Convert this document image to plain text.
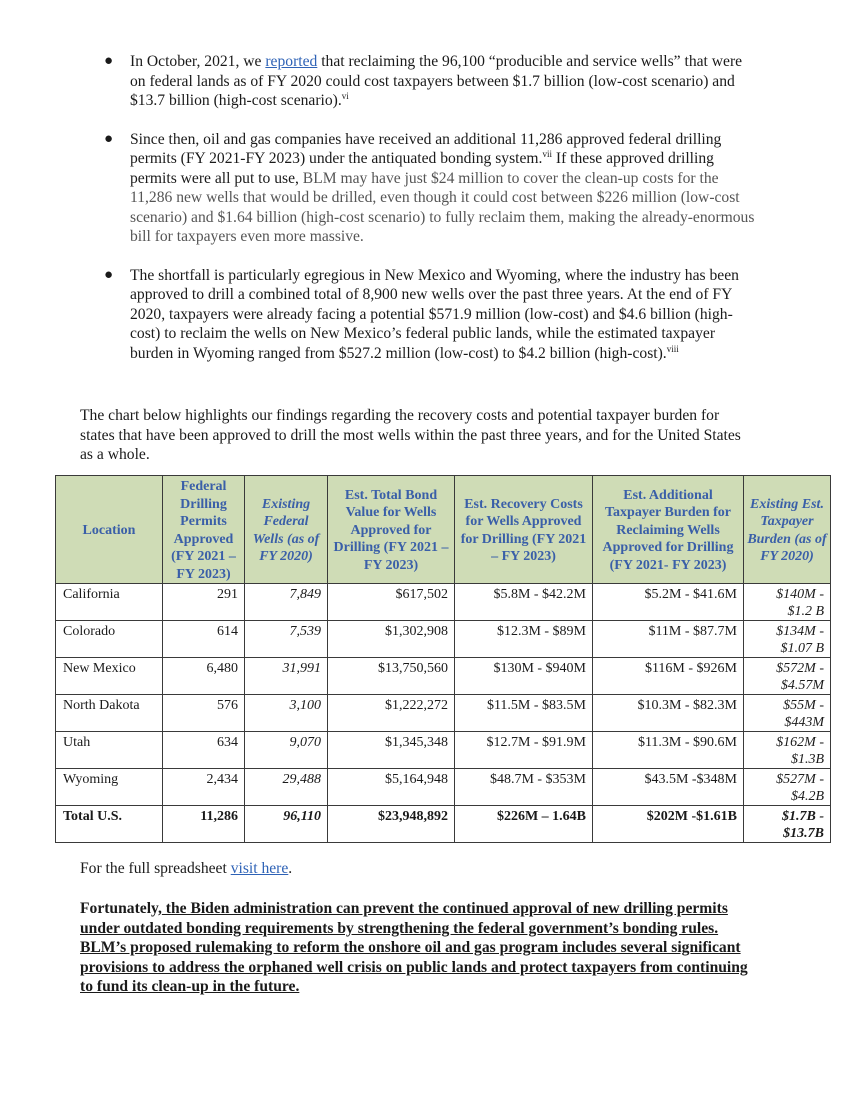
● In October, 2021, we reported that reclaiming the 96,100 “producible and service wells” that were on federal lands as of FY 2020 could cost taxpayers between $1.7 billion (low-cost scenario) and $13.7 billion (high-cost scenario).$^{vi}$
● Since then, oil and gas companies have received an additional 11,286 approved federal drilling permits (FY 2021-FY 2023) under the antiquated bonding system.$^{vii}$ If these approved drilling permits were all put to use, BLM may have just $24 million to cover the clean-up costs for the 11,286 new wells that would be drilled, even though it could cost between $226 million (low-cost scenario) and $1.64 billion (high-cost scenario) to fully reclaim them, making the already-enormous bill for taxpayers even more massive.
● The shortfall is particularly egregious in New Mexico and Wyoming, where the industry has been approved to drill a combined total of 8,900 new wells over the past three years. At the end of FY 2020, taxpayers were already facing a potential $571.9 million (low-cost) and $4.6 billion (high-cost) to reclaim the wells on New Mexico’s federal public lands, while the estimated taxpayer burden in Wyoming ranged from $527.2 million (low-cost) to $4.2 billion (high-cost).$^{viii}$

The chart below highlights our findings regarding the recovery costs and potential taxpayer burden for states that have been approved to drill the most wells within the past three years, and for the United States as a whole.

Location	Federal Drilling Permits Approved (FY 2021 – FY 2023)	Existing Federal Wells (as of FY 2020)	Est. Total Bond Value for Wells Approved for Drilling (FY 2021 – FY 2023)	Est. Recovery Costs for Wells Approved for Drilling (FY 2021 – FY 2023)	Est. Additional Taxpayer Burden for Reclaiming Wells Approved for Drilling (FY 2021- FY 2023)	Existing Est. Taxpayer Burden (as of FY 2020)
California	291	7,849	$617,502	$5.8M - $42.2M	$5.2M - $41.6M	$140M - $1.2 B
Colorado	614	7,539	$1,302,908	$12.3M - $89M	$11M - $87.7M	$134M - $1.07 B
New Mexico	6,480	31,991	$13,750,560	$130M - $940M	$116M - $926M	$572M - $4.57M
North Dakota	576	3,100	$1,222,272	$11.5M - $83.5M	$10.3M - $82.3M	$55M - $443M
Utah	634	9,070	$1,345,348	$12.7M - $91.9M	$11.3M - $90.6M	$162M - $1.3B
Wyoming	2,434	29,488	$5,164,948	$48.7M - $353M	$43.5M -$348M	$527M - $4.2B
Total U.S.	11,286	96,110	$23,948,892	$226M – 1.64B	$202M -$1.61B	$1.7B - $13.7B

For the full spreadsheet visit here.

Fortunately, the Biden administration can prevent the continued approval of new drilling permits under outdated bonding requirements by strengthening the federal government’s bonding rules. BLM’s proposed rulemaking to reform the onshore oil and gas program includes several significant provisions to address the orphaned well crisis on public lands and protect taxpayers from continuing to fund its clean-up in the future.
